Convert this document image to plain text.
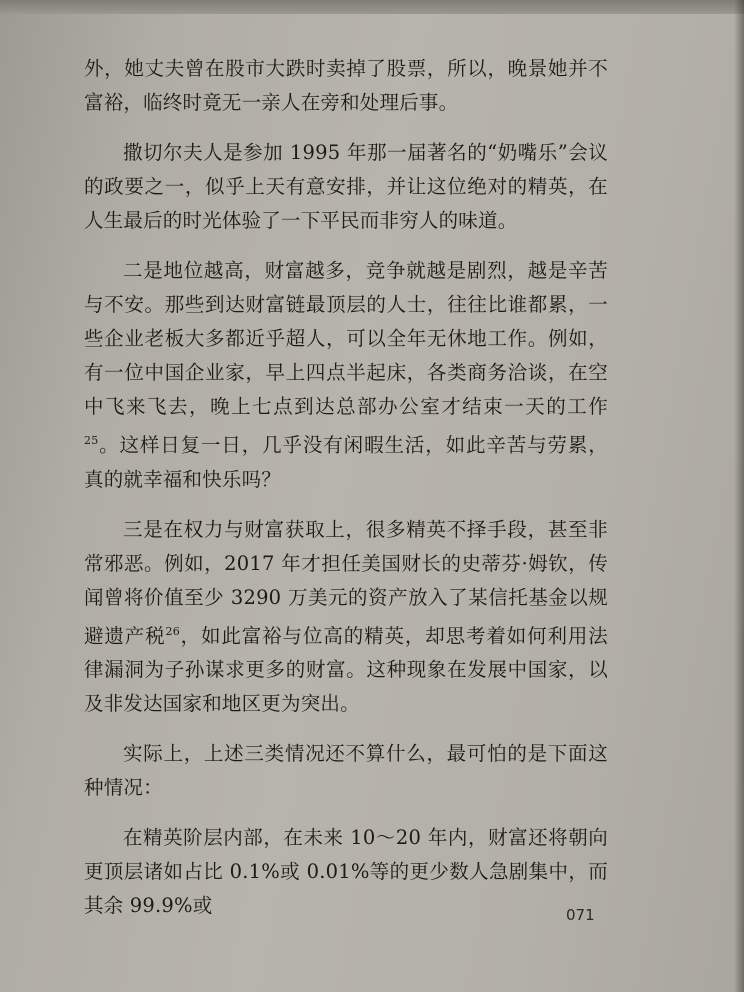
外，她丈夫曾在股市大跌时卖掉了股票，所以，晚景她并不富裕，临终时竟无一亲人在旁和处理后事。

撒切尔夫人是参加 1995 年那一届著名的“奶嘴乐”会议的政要之一，似乎上天有意安排，并让这位绝对的精英，在人生最后的时光体验了一下平民而非穷人的味道。

二是地位越高，财富越多，竞争就越是剧烈，越是辛苦与不安。那些到达财富链最顶层的人士，往往比谁都累，一些企业老板大多都近乎超人，可以全年无休地工作。例如，有一位中国企业家，早上四点半起床，各类商务洽谈，在空中飞来飞去，晚上七点到达总部办公室才结束一天的工作$^{25}$。这样日复一日，几乎没有闲暇生活，如此辛苦与劳累，真的就幸福和快乐吗？

三是在权力与财富获取上，很多精英不择手段，甚至非常邪恶。例如，2017 年才担任美国财长的史蒂芬·姆钦，传闻曾将价值至少 3290 万美元的资产放入了某信托基金以规避遗产税$^{26}$，如此富裕与位高的精英，却思考着如何利用法律漏洞为子孙谋求更多的财富。这种现象在发展中国家，以及非发达国家和地区更为突出。

实际上，上述三类情况还不算什么，最可怕的是下面这种情况：

在精英阶层内部，在未来 10～20 年内，财富还将朝向更顶层诸如占比 0.1%或 0.01%等的更少数人急剧集中，而其余 99.9%或	071
